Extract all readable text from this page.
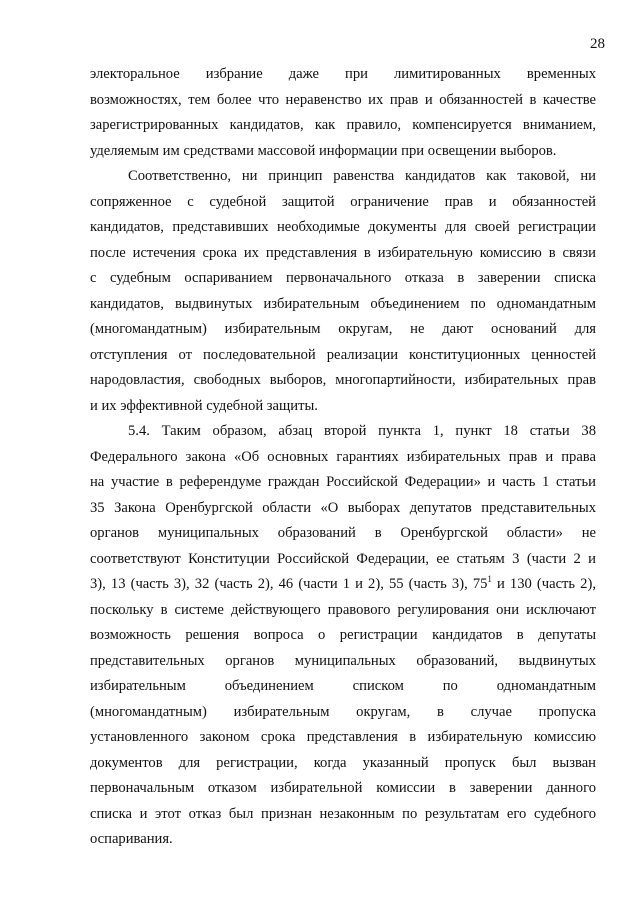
28
электоральное избрание даже при лимитированных временных
возможностях, тем более что неравенство их прав и обязанностей в качестве
зарегистрированных кандидатов, как правило, компенсируется вниманием,
уделяемым им средствами массовой информации при освещении выборов.
Соответственно, ни принцип равенства кандидатов как таковой, ни
сопряженное с судебной защитой ограничение прав и обязанностей
кандидатов, представивших необходимые документы для своей регистрации
после истечения срока их представления в избирательную комиссию в связи
с судебным оспариванием первоначального отказа в заверении списка
кандидатов, выдвинутых избирательным объединением по одномандатным
(многомандатным) избирательным округам, не дают оснований для
отступления от последовательной реализации конституционных ценностей
народовластия, свободных выборов, многопартийности, избирательных прав
и их эффективной судебной защиты.
5.4. Таким образом, абзац второй пункта 1, пункт 18 статьи 38
Федерального закона «Об основных гарантиях избирательных прав и права
на участие в референдуме граждан Российской Федерации» и часть 1 статьи
35 Закона Оренбургской области «О выборах депутатов представительных
органов муниципальных образований в Оренбургской области» не
соответствуют Конституции Российской Федерации, ее статьям 3 (части 2 и
3), 13 (часть 3), 32 (часть 2), 46 (части 1 и 2), 55 (часть 3), $75^1$ и 130 (часть 2),
поскольку в системе действующего правового регулирования они исключают
возможность решения вопроса о регистрации кандидатов в депутаты
представительных органов муниципальных образований, выдвинутых
избирательным объединением списком по одномандатным
(многомандатным) избирательным округам, в случае пропуска
установленного законом срока представления в избирательную комиссию
документов для регистрации, когда указанный пропуск был вызван
первоначальным отказом избирательной комиссии в заверении данного
списка и этот отказ был признан незаконным по результатам его судебного
оспаривания.
